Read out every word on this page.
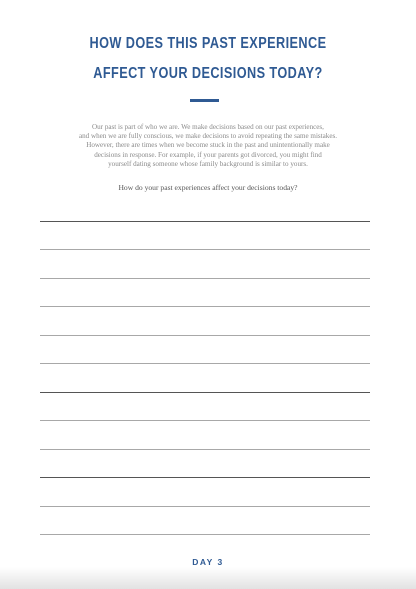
HOW DOES THIS PAST EXPERIENCE
AFFECT YOUR DECISIONS TODAY?
Our past is part of who we are. We make decisions based on our past experiences,
and when we are fully conscious, we make decisions to avoid repeating the same mistakes.
However, there are times when we become stuck in the past and unintentionally make
decisions in response. For example, if your parents got divorced, you might find
yourself dating someone whose family background is similar to yours.
How do your past experiences affect your decisions today?
DAY 3
